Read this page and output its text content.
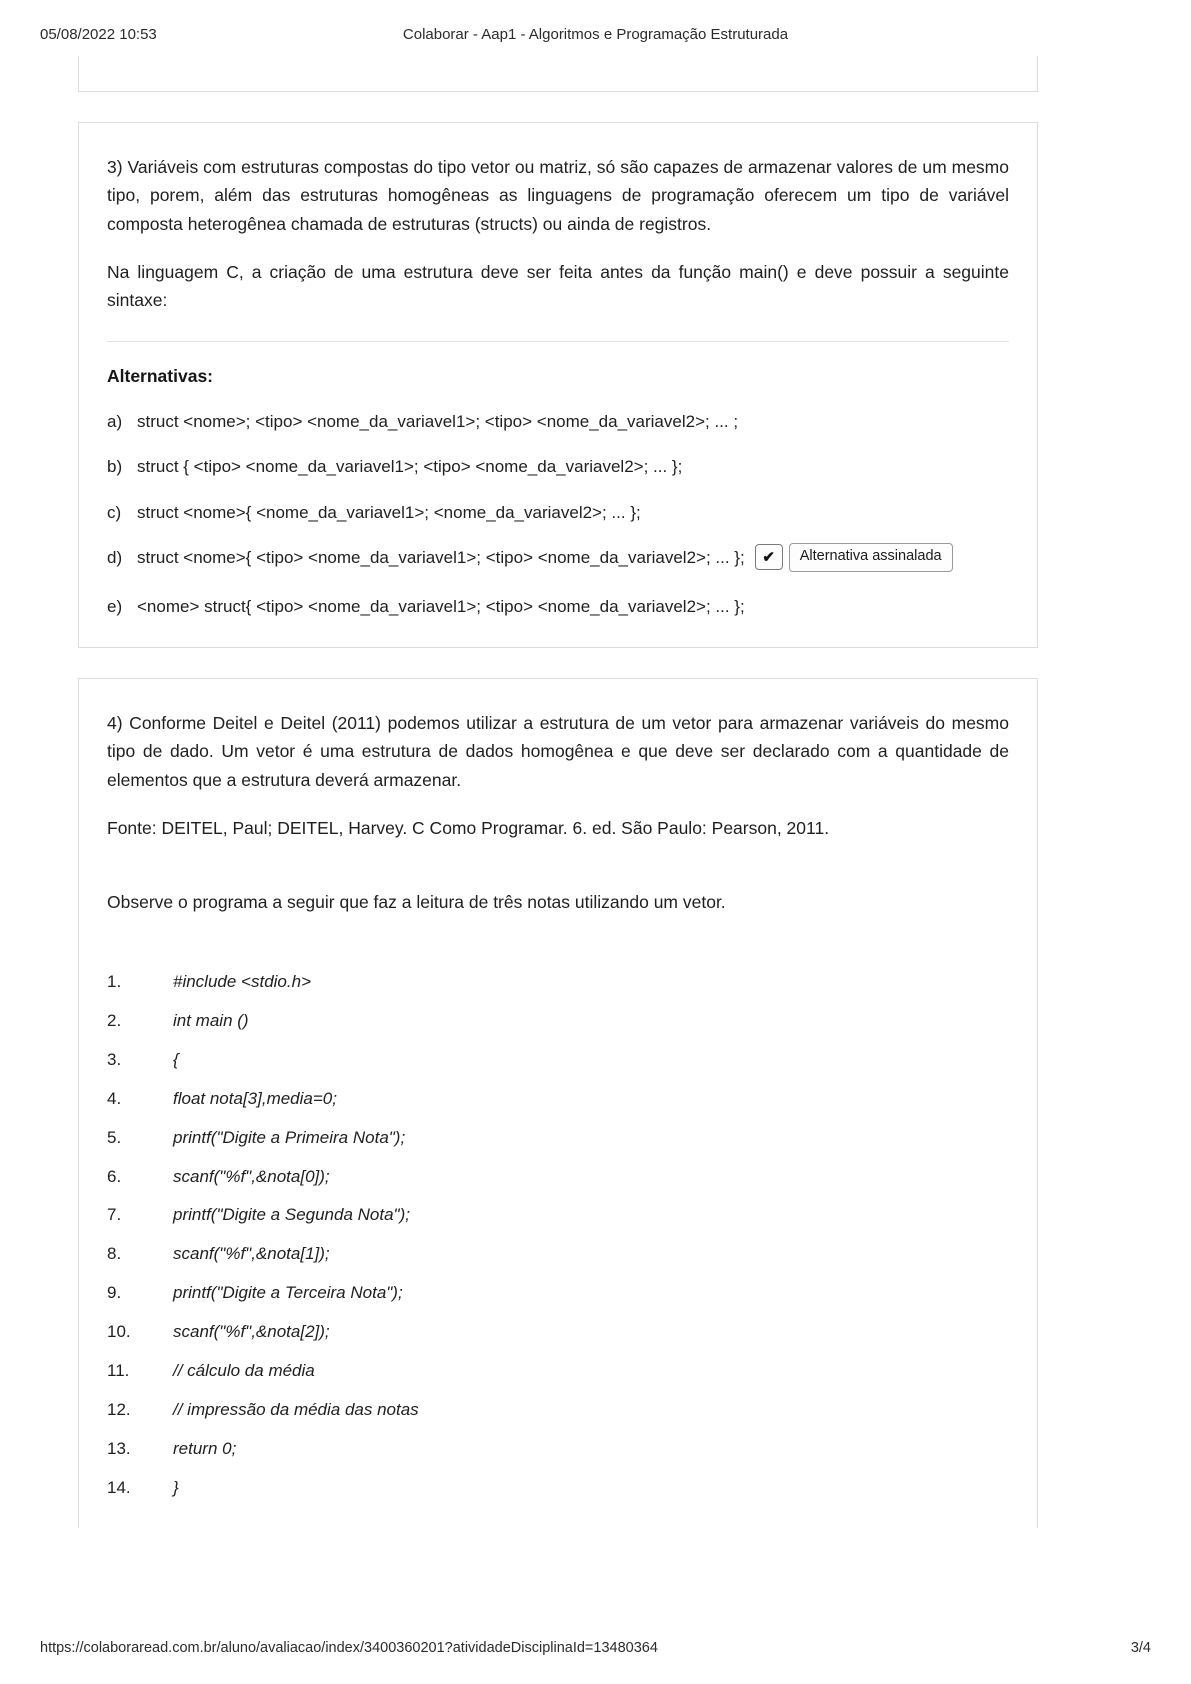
05/08/2022 10:53	Colaborar - Aap1 - Algoritmos e Programação Estruturada

3) Variáveis com estruturas compostas do tipo vetor ou matriz, só são capazes de armazenar valores de um mesmo tipo, porem, além das estruturas homogêneas as linguagens de programação oferecem um tipo de variável composta heterogênea chamada de estruturas (structs) ou ainda de registros.

Na linguagem C, a criação de uma estrutura deve ser feita antes da função main() e deve possuir a seguinte sintaxe:

Alternativas:
a) struct <nome>; <tipo> <nome_da_variavel1>; <tipo> <nome_da_variavel2>; ... ;
b) struct { <tipo> <nome_da_variavel1>; <tipo> <nome_da_variavel2>; ... };
c) struct <nome>{ <nome_da_variavel1>; <nome_da_variavel2>; ... };
d) struct <nome>{ <tipo> <nome_da_variavel1>; <tipo> <nome_da_variavel2>; ... };	✔	Alternativa assinalada
e) <nome> struct{ <tipo> <nome_da_variavel1>; <tipo> <nome_da_variavel2>; ... };

4) Conforme Deitel e Deitel (2011) podemos utilizar a estrutura de um vetor para armazenar variáveis do mesmo tipo de dado. Um vetor é uma estrutura de dados homogênea e que deve ser declarado com a quantidade de elementos que a estrutura deverá armazenar.

Fonte: DEITEL, Paul; DEITEL, Harvey. C Como Programar. 6. ed. São Paulo: Pearson, 2011.

Observe o programa a seguir que faz a leitura de três notas utilizando um vetor.

1.	#include <stdio.h>
2.	int main ()
3.	{
4.	float nota[3],media=0;
5.	printf("Digite a Primeira Nota");
6.	scanf("%f",&nota[0]);
7.	printf("Digite a Segunda Nota");
8.	scanf("%f",&nota[1]);
9.	printf("Digite a Terceira Nota");
10.	scanf("%f",&nota[2]);
11.	// cálculo da média
12.	// impressão da média das notas
13.	return 0;
14.	}
https://colaboraread.com.br/aluno/avaliacao/index/3400360201?atividadeDisciplinaId=13480364	3/4
